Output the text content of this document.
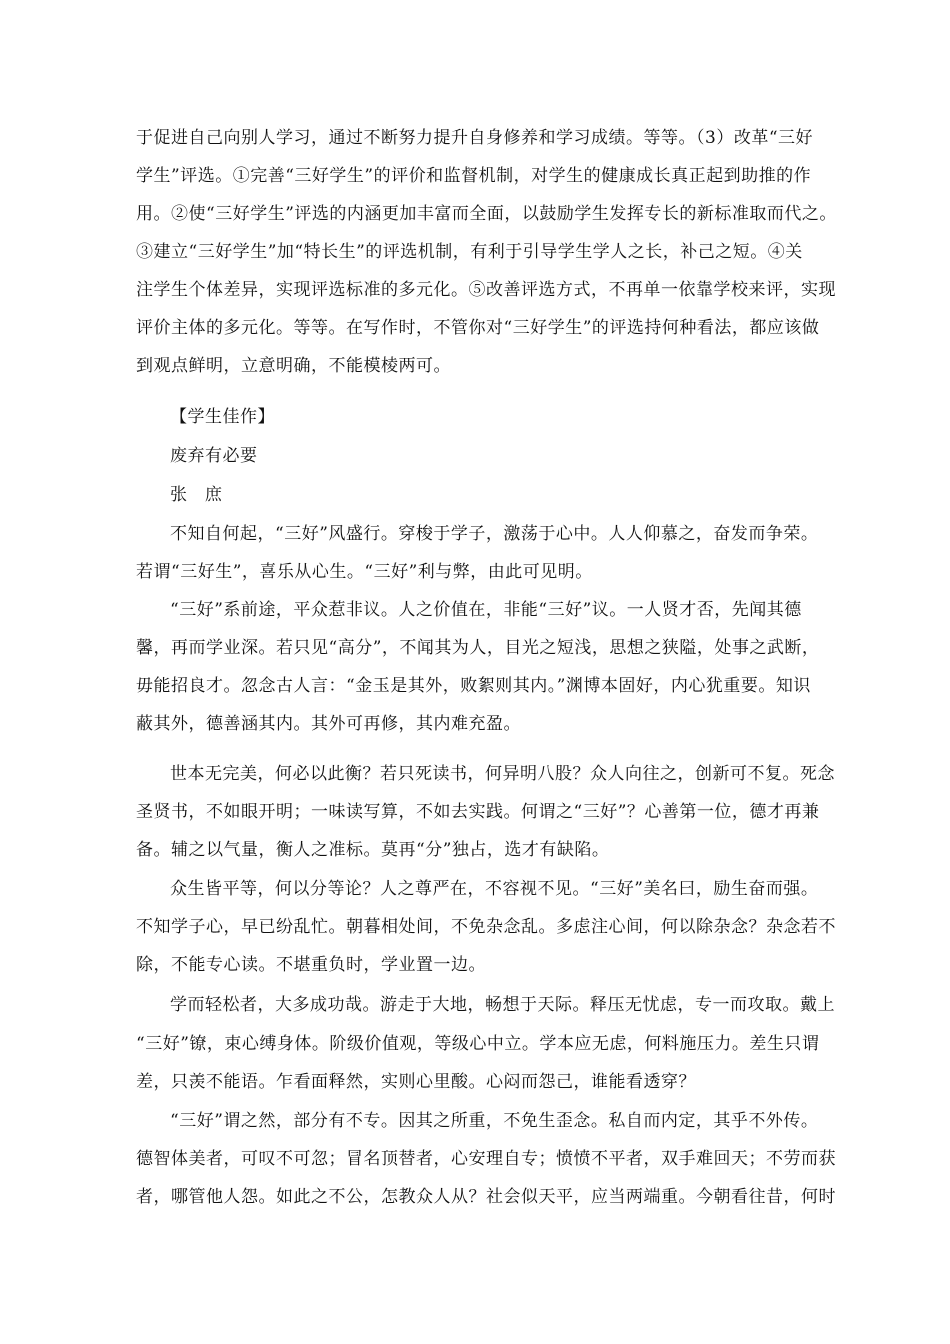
于促进自己向别人学习，通过不断努力提升自身修养和学习成绩。等等。（3）改革“三好
学生”评选。①完善“三好学生”的评价和监督机制，对学生的健康成长真正起到助推的作
用。②使“三好学生”评选的内涵更加丰富而全面，以鼓励学生发挥专长的新标准取而代之。
③建立“三好学生”加“特长生”的评选机制，有利于引导学生学人之长，补己之短。④关
注学生个体差异，实现评选标准的多元化。⑤改善评选方式，不再单一依靠学校来评，实现
评价主体的多元化。等等。在写作时，不管你对“三好学生”的评选持何种看法，都应该做
到观点鲜明，立意明确，不能模棱两可。
【学生佳作】
废弃有必要
张　庶
不知自何起，“三好”风盛行。穿梭于学子，激荡于心中。人人仰慕之，奋发而争荣。
若谓“三好生”，喜乐从心生。“三好”利与弊，由此可见明。
“三好”系前途，平众惹非议。人之价值在，非能“三好”议。一人贤才否，先闻其德
馨，再而学业深。若只见“高分”，不闻其为人，目光之短浅，思想之狭隘，处事之武断，
毋能招良才。忽念古人言：“金玉是其外，败絮则其内。”渊博本固好，内心犹重要。知识
蔽其外，德善涵其内。其外可再修，其内难充盈。
世本无完美，何必以此衡？若只死读书，何异明八股？众人向往之，创新可不复。死念
圣贤书，不如眼开明；一味读写算，不如去实践。何谓之“三好”？心善第一位，德才再兼
备。辅之以气量，衡人之准标。莫再“分”独占，选才有缺陷。
众生皆平等，何以分等论？人之尊严在，不容视不见。“三好”美名曰，励生奋而强。
不知学子心，早已纷乱忙。朝暮相处间，不免杂念乱。多虑注心间，何以除杂念？杂念若不
除，不能专心读。不堪重负时，学业置一边。
学而轻松者，大多成功哉。游走于大地，畅想于天际。释压无忧虑，专一而攻取。戴上
“三好”镣，束心缚身体。阶级价值观，等级心中立。学本应无虑，何料施压力。差生只谓
差，只羡不能语。乍看面释然，实则心里酸。心闷而怨己，谁能看透穿？
“三好”谓之然，部分有不专。因其之所重，不免生歪念。私自而内定，其乎不外传。
德智体美者，可叹不可忽；冒名顶替者，心安理自专；愤愤不平者，双手难回天；不劳而获
者，哪管他人怨。如此之不公，怎教众人从？社会似天平，应当两端重。今朝看往昔，何时
